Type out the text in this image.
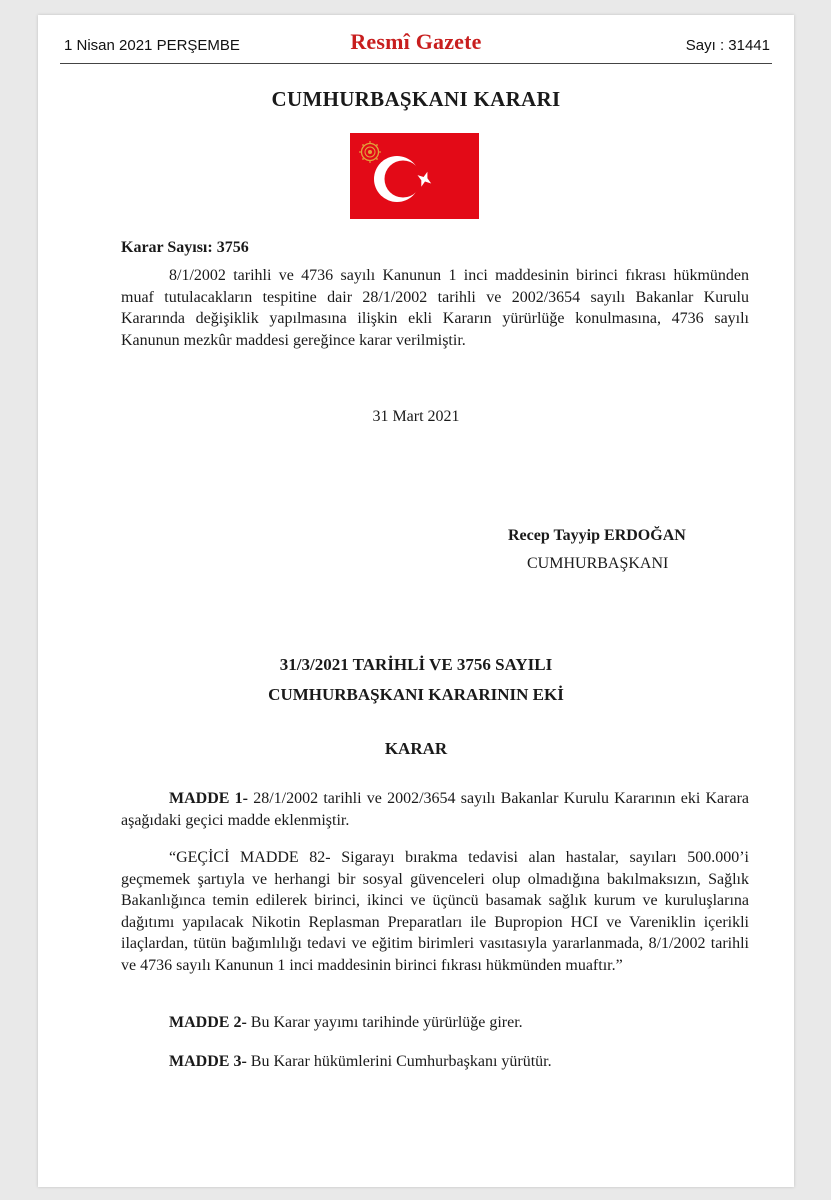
1 Nisan 2021 PERŞEMBE	Resmî Gazete	Sayı : 31441
CUMHURBAŞKANI KARARI
Karar Sayısı: 3756
8/1/2002 tarihli ve 4736 sayılı Kanunun 1 inci maddesinin birinci fıkrası hükmünden muaf tutulacakların tespitine dair 28/1/2002 tarihli ve 2002/3654 sayılı Bakanlar Kurulu Kararında değişiklik yapılmasına ilişkin ekli Kararın yürürlüğe konulmasına, 4736 sayılı Kanunun mezkûr maddesi gereğince karar verilmiştir.
31 Mart 2021
Recep Tayyip ERDOĞAN
CUMHURBAŞKANI
31/3/2021 TARİHLİ VE 3756 SAYILI
CUMHURBAŞKANI KARARININ EKİ
KARAR
MADDE 1- 28/1/2002 tarihli ve 2002/3654 sayılı Bakanlar Kurulu Kararının eki Karara aşağıdaki geçici madde eklenmiştir.
“GEÇİCİ MADDE 82- Sigarayı bırakma tedavisi alan hastalar, sayıları 500.000’i geçmemek şartıyla ve herhangi bir sosyal güvenceleri olup olmadığına bakılmaksızın, Sağlık Bakanlığınca temin edilerek birinci, ikinci ve üçüncü basamak sağlık kurum ve kuruluşlarına dağıtımı yapılacak Nikotin Replasman Preparatları ile Bupropion HCI ve Vareniklin içerikli ilaçlardan, tütün bağımlılığı tedavi ve eğitim birimleri vasıtasıyla yararlanmada, 8/1/2002 tarihli ve 4736 sayılı Kanunun 1 inci maddesinin birinci fıkrası hükmünden muaftır.”
MADDE 2- Bu Karar yayımı tarihinde yürürlüğe girer.
MADDE 3- Bu Karar hükümlerini Cumhurbaşkanı yürütür.
